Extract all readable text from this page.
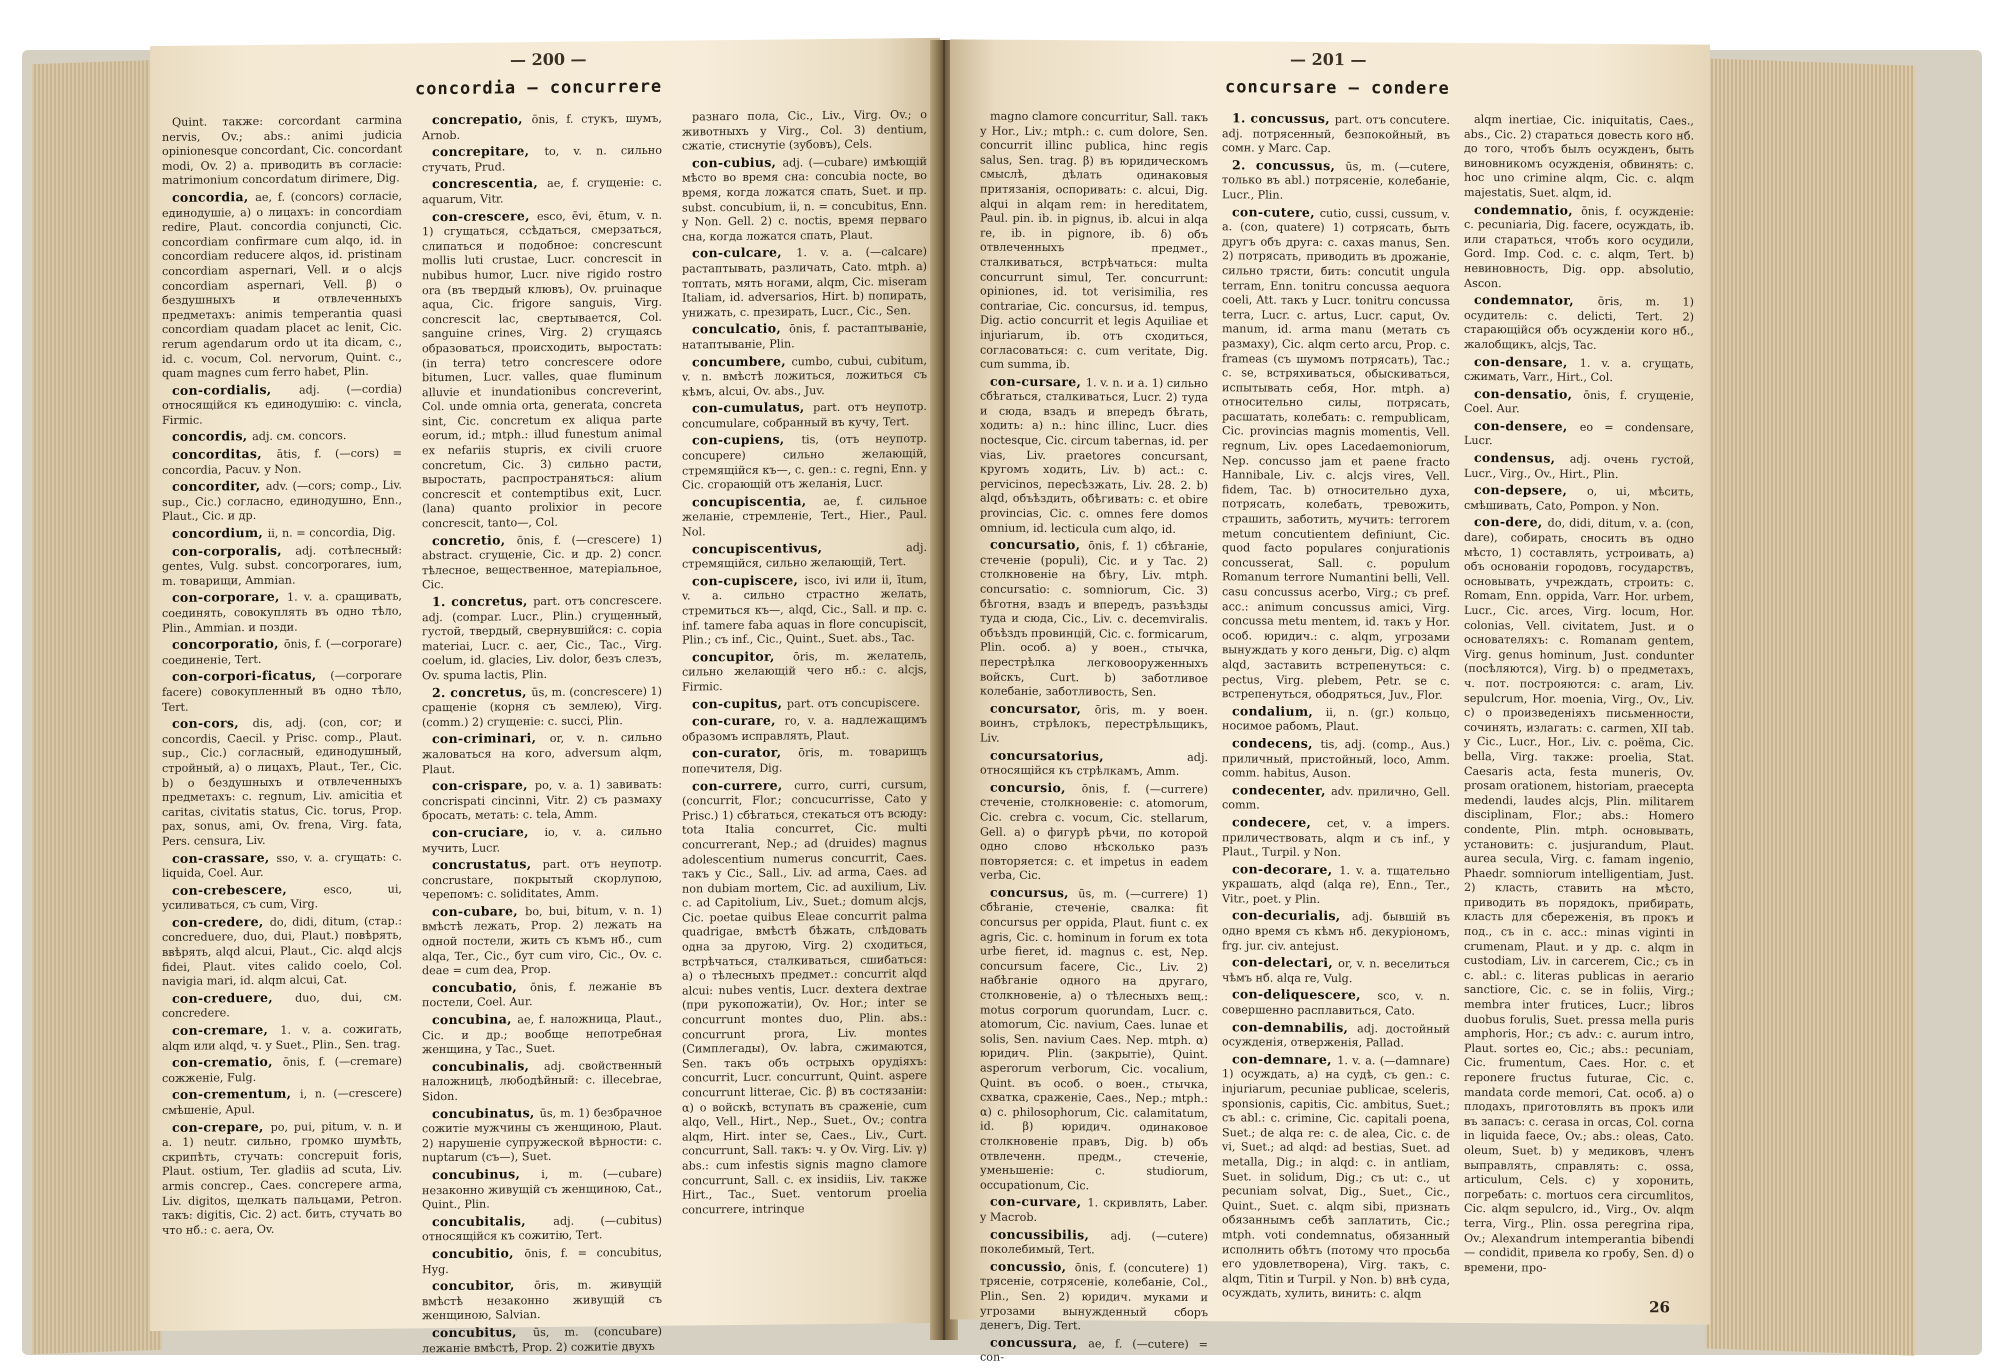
— 200 —
concordia – concurrere

Quint. также: corcordant carmina nervis, Ov.; abs.: animi judicia opinionesque concordant, Cic. concordant modi, Ov. 2) а. приводить въ согласіе: matrimonium concordatum dirimere, Dig.

concordia, ae, f. (concors) согласіе, единодушіе, а) о лицахъ: in concordiam redire, Plaut. concordia conjuncti, Cic. concordiam confirmare cum alqo, id. in concordiam reducere alqos, id. pristinam concordiam aspernari, Vell. и о alcjs concordiam aspernari, Vell. β) о бездушныхъ и отвлеченныхъ предметахъ: animis temperantia quasi concordiam quadam placet ac lenit, Cic. rerum agendarum ordo ut ita dicam, c., id. c. vocum, Col. nervorum, Quint. c., quam magnes cum ferro habet, Plin.

con-cordialis, adj. (—cordia) относящійся къ единодушію: c. vincla, Firmic.

concordis, adj. см. concors.

concorditas, ātis, f. (—cors) = concordia, Pacuv. y Non.

concorditer, adv. (—cors; comp., Liv. sup., Cic.) согласно, единодушно, Enn., Plaut., Cic. и др.

concordium, ii, n. = concordia, Dig.

con-corporalis, adj. сотѣлесный: gentes, Vulg. subst. concorporares, ium, m. товарищи, Ammian.

con-corporare, 1. v. a. сращивать, соединять, совокуплять въ одно тѣло, Plin., Ammian. и позди.

concorporatio, ōnis, f. (—corporare) соединеніе, Tert.

con-corpori-ficatus, (—corporare facere) совокупленный въ одно тѣло, Tert.

con-cors, dis, adj. (con, cor; и concordis, Caecil. y Prisc. comp., Plaut. sup., Cic.) согласный, единодушный, стройный, а) о лицахъ, Plaut., Ter., Cic. b) о бездушныхъ и отвлеченныхъ предметахъ: c. regnum, Liv. amicitia et caritas, civitatis status, Cic. torus, Prop. pax, sonus, ami, Ov. frena, Virg. fata, Pers. censura, Liv.

con-crassare, sso, v. a. сгущать: c. liquida, Coel. Aur.

con-crebescere, esco, ui, усиливаться, съ cum, Virg.

con-credere, do, didi, ditum, (стар.: concreduere, duo, dui, Plaut.) повѣрять, ввѣрять, alqd alcui, Plaut., Cic. alqd alcjs fidei, Plaut. vites calido coelo, Col. navigia mari, id. alqm alcui, Cat.

con-creduere, duo, dui, см. concredere.

con-cremare, 1. v. a. сожигать, alqm или alqd, ч. у Suet., Plin., Sen. trag.

con-crematio, ōnis, f. (—cremare) сожженіе, Fulg.

con-crementum, i, n. (—crescere) смѣшеніе, Apul.

con-crepare, po, pui, pitum, v. n. и a. 1) neutr. сильно, громко шумѣть, скрипѣть, стучать: concrepuit foris, Plaut. ostium, Ter. gladiis ad scuta, Liv. armis concrep., Caes. concrepere arma, Liv. digitos, щелкать пальцами, Petron. такъ: digitis, Cic. 2) act. бить, стучать во что нб.: c. aera, Ov.

concrepatio, ōnis, f. стукъ, шумъ, Arnob.

concrepitare, to, v. n. сильно стучать, Prud.

concrescentia, ae, f. сгущеніе: c. aquarum, Vitr.

con-crescere, esco, ēvi, ētum, v. n. 1) сгущаться, ссѣдаться, смерзаться, слипаться и подобное: concrescunt mollis luti crustae, Lucr. concrescit in nubibus humor, Lucr. nive rigido rostro ora (въ твердый клювъ), Ov. pruinaque aqua, Cic. frigore sanguis, Virg. concrescit lac, свертывается, Col. sanguine crines, Virg. 2) сгущаясь образоваться, происходить, выростать: (in terra) tetro concrescere odore bitumen, Lucr. valles, quae fluminum alluvie et inundationibus concreverint, Col. unde omnia orta, generata, concreta sint, Cic. concretum ex aliqua parte eorum, id.; mtph.: illud funestum animal ex nefariis stupris, ex civili cruore concretum, Cic. 3) сильно расти, выростать, распространяться: alium concrescit et contemptibus exit, Lucr. (lana) quanto prolixior in pecore concrescit, tanto—, Col.

concretio, ōnis, f. (—crescere) 1) abstract. сгущеніе, Cic. и др. 2) concr. тѣлесное, вещественное, матеріальное, Cic.

1. concretus, part. отъ concrescere. adj. (compar. Lucr., Plin.) сгущенный, густой, твердый, свернувшійся: c. copia materiai, Lucr. c. aer, Cic., Tac., Virg. coelum, id. glacies, Liv. dolor, безъ слезъ, Ov. spuma lactis, Plin.

2. concretus, ūs, m. (concrescere) 1) сращеніе (корня съ землею), Virg. (comm.) 2) сгущеніе: c. succi, Plin.

con-criminari, or, v. n. сильно жаловаться на кого, adversum alqm, Plaut.

con-crispare, po, v. a. 1) завивать: concrispati cincinni, Vitr. 2) съ размаху бросать, метать: c. tela, Amm.

con-cruciare, io, v. a. сильно мучить, Lucr.

concrustatus, part. отъ неупотр. concrustare, покрытый скорлупою, черепомъ: c. soliditates, Amm.

con-cubare, bo, bui, bitum, v. n. 1) вмѣстѣ лежать, Prop. 2) лежать на одной постели, жить съ къмъ нб., cum alqa, Ter., Cic., бут cum viro, Cic., Ov. c. deae = cum dea, Prop.

concubatio, ōnis, f. лежаніе въ постели, Coel. Aur.

concubina, ae, f. наложница, Plaut., Cic. и др.; вообще непотребная женщина, у Tac., Suet.

concubinalis, adj. свойственный наложницѣ, любодѣйный: c. illecebrae, Sidon.

concubinatus, ūs, m. 1) безбрачное сожитіе мужчины съ женщиною, Plaut. 2) нарушеніе супружеской вѣрности: c. nuptarum (съ—), Suet.

concubinus, i, m. (—cubare) незаконно живущій съ женщиною, Cat., Quint., Plin.

concubitalis, adj. (—cubitus) относящійся къ сожитію, Tert.

concubitio, ōnis, f. = concubitus, Hyg.

concubitor, ōris, m. живущій вмѣстѣ незаконно живущій съ женщиною, Salvian.

concubitus, ūs, m. (concubare) лежаніе вмѣстѣ, Prop. 2) сожитіе двухъ

разнаго пола, Cic., Liv., Virg. Ov.; о животныхъ у Virg., Col. 3) dentium, сжатіе, стиснутіе (зубовъ), Cels.

con-cubius, adj. (—cubare) имѣющій мѣсто во время сна: concubia nocte, во время, когда ложатся спать, Suet. и пр. subst. concubium, ii, n. = concubitus, Enn. y Non. Gell. 2) c. noctis, время перваго сна, когда ложатся спать, Plaut.

con-culcare, 1. v. a. (—calcare) растаптывать, различать, Cato. mtph. a) топтать, мять ногами, alqm, Cic. miseram Italiam, id. adversarios, Hirt. b) попирать, унижать, c. презирать, Lucr., Cic., Sen.

conculcatio, ōnis, f. растаптываніе, натаптываніе, Plin.

concumbere, cumbo, cubui, cubitum, v. n. вмѣстѣ ложиться, ложиться съ кѣмъ, alcui, Ov. abs., Juv.

con-cumulatus, part. отъ неупотр. concumulare, собранный въ кучу, Tert.

con-cupiens, tis, (отъ неупотр. concupere) сильно желающій, стремящійся къ—, c. gen.: c. regni, Enn. y Cic. сгорающій отъ желанія, Lucr.

concupiscentia, ae, f. сильное желаніе, стремленіе, Tert., Hier., Paul. Nol.

concupiscentivus, adj. стремящійся, сильно желающій, Tert.

con-cupiscere, isco, ivi или ii, ītum, v. a. сильно страстно желать, стремиться къ—, alqd, Cic., Sall. и пр. c. inf. tamere faba aquas in flore concupiscit, Plin.; съ inf., Cic., Quint., Suet. abs., Tac.

concupitor, ōris, m. желатель, сильно желающій чего нб.: c. alcjs, Firmic.

con-cupitus, part. отъ concupiscere.

con-curare, ro, v. a. надлежащимъ образомъ исправлять, Plaut.

con-curator, ōris, m. товарищъ попечителя, Dig.

con-currere, curro, curri, cursum, (concurrit, Flor.; concucurrisse, Cato y Prisc.) 1) сбѣгаться, стекаться отъ всюду: tota Italia concurret, Cic. multi concurrerant, Nep.; ad (druides) magnus adolescentium numerus concurrit, Caes. такъ у Cic., Sall., Liv. ad arma, Caes. ad non dubiam mortem, Cic. ad auxilium, Liv. c. ad Capitolium, Liv., Suet.; domum alcjs, Cic. poetae quibus Eleae concurrit palma quadrigae, вмѣстѣ бѣжать, слѣдовать одна за другою, Virg. 2) сходиться, встрѣчаться, сталкиваться, сшибаться: а) о тѣлесныхъ предмет.: concurrit alqd alcui: nubes ventis, Lucr. dextera dextrae (при рукопожатіи), Ov. Hor.; inter se concurrunt montes duo, Plin. abs.: concurrunt prora, Liv. montes (Симплегады), Ov. labra, сжимаются, Sen. такъ объ острыхъ орудіяхъ: concurrit, Lucr. concurrunt, Quint. aspere concurrunt litterae, Cic. β) въ состязаніи: α) о войскѣ, вступать въ сраженіе, cum alqo, Vell., Hirt., Nep., Suet., Ov.; contra alqm, Hirt. inter se, Caes., Liv., Curt. concurrunt, Sall. такъ: ч. у Ov. Virg. Liv. γ) abs.: cum infestis signis magno clamore concurrunt, Sall. c. ex insidiis, Liv. также Hirt., Tac., Suet. ventorum proelia concurrere, intrinque

— 201 —
concursare – condere

magno clamore concurritur, Sall. такъ у Hor., Liv.; mtph.: c. cum dolore, Sen. concurrit illinc publica, hinc regis salus, Sen. trag. β) въ юридическомъ смыслѣ, дѣлать одинаковыя притязанія, оспоривать: c. alcui, Dig. alqui in alqam rem: in hereditatem, Paul. pin. ib. in pignus, ib. alcui in alqa re, ib. in pignore, ib. δ) объ отвлеченныхъ предмет., сталкиваться, встрѣчаться: multa concurrunt simul, Ter. concurrunt: opiniones, id. tot verisimilia, res contrariae, Cic. concursus, id. tempus, Dig. actio concurrit et legis Aquiliae et injuriarum, ib. отъ сходиться, согласоваться: c. cum veritate, Dig. cum summa, ib.

con-cursare, 1. v. n. и a. 1) сильно сбѣгаться, сталкиваться, Lucr. 2) туда и сюда, взадъ и впередъ бѣгать, ходить: a) n.: hinc illinc, Lucr. dies noctesque, Cic. circum tabernas, id. per vias, Liv. praetores concursant, кругомъ ходить, Liv. b) act.: c. pervicinos, пересѣзжать, Liv. 28. 2. b) alqd, объѣздить, обѣгивать: c. et obire provincias, Cic. c. omnes fere domos omnium, id. lecticula cum alqo, id.

concursatio, ōnis, f. 1) сбѣганіе, стеченіе (populi), Cic. и y Tac. 2) столкновеніе на бѣгу, Liv. mtph. concursatio: c. somniorum, Cic. 3) бѣготня, взадъ и впередъ, разъѣзды туда и сюда, Cic., Liv. c. decemviralis. объѣздъ провинцій, Cic. c. formicarum, Plin. особ. a) у воен., стычка, перестрѣлка легковооруженныхъ войскъ, Curt. b) заботливое колебаніе, заботливость, Sen.

concursator, ōris, m. у воен. воинъ, стрѣлокъ, перестрѣльщикъ, Liv.

concursatorius, adj. относящійся къ стрѣлкамъ, Amm.

concursio, ōnis, f. (—currere) стеченіе, столкновеніе: c. atomorum, Cic. crebra c. vocum, Cic. stellarum, Gell. a) о фигурѣ рѣчи, по которой одно слово нѣсколько разъ повторяется: c. et impetus in eadem verba, Cic.

concursus, ūs, m. (—currere) 1) сбѣганіе, стеченіе, свалка: fit concursus per oppida, Plaut. fiunt c. ex agris, Cic. c. hominum in forum ex tota urbe fieret, id. magnus c. est, Nep. concursum facere, Cic., Liv. 2) набѣганіе одного на другаго, столкновеніе, а) о тѣлесныхъ вещ.: motus corporum quorundam, Lucr. c. atomorum, Cic. navium, Caes. lunae et solis, Sen. navium Caes. Nep. mtph. α) юридич. Plin. (закрытіе), Quint. asperorum verborum, Cic. vocalium, Quint. въ особ. о воен., стычка, схватка, сраженіе, Caes., Nep.; mtph.: α) c. philosophorum, Cic. calamitatum, id. β) юридич. одинаковое столкновеніе правъ, Dig. b) объ отвлеченн. предм., стеченіе, уменьшеніе: c. studiorum, occupationum, Cic.

con-curvare, 1. скривлять, Laber. y Macrob.

concussibilis, adj. (—cutere) поколебимый, Tert.

concussio, ōnis, f. (concutere) 1) трясеніе, сотрясеніе, колебаніе, Col., Plin., Sen. 2) юридич. муками и угрозами вынужденный сборъ денегъ, Dig. Tert.

concussura, ae, f. (—cutere) = con-

1. concussus, part. отъ concutere. adj. потрясенный, безпокойный, въ сомн. y Marc. Cap.

2. concussus, ūs, m. (—cutere, только въ abl.) потрясеніе, колебаніе, Lucr., Plin.

con-cutere, cutio, cussi, cussum, v. a. (con, quatere) 1) сотрясать, быть другъ объ друга: c. caxas manus, Sen. 2) потрясать, приводить въ дрожаніе, сильно трясти, бить: concutit ungula terram, Enn. tonitru concussa aequora coeli, Att. такъ у Lucr. tonitru concussa terra, Lucr. c. artus, Lucr. caput, Ov. manum, id. arma manu (метать съ размаху), Cic. alqm certo arcu, Prop. c. frameas (съ шумомъ потрясать), Tac.; c. se, встряхиваться, обыскиваться, испытывать себя, Hor. mtph. a) относительно силы, потрясать, расшатать, колебать: c. rempublicam, Cic. provincias magnis momentis, Vell. regnum, Liv. opes Lacedaemoniorum, Nep. concusso jam et paene fracto Hannibale, Liv. c. alcjs vires, Vell. fidem, Tac. b) относительно духа, потрясать, колебать, тревожить, страшить, заботить, мучить: terrorem metum concutientem definiunt, Cic. quod facto populares conjurationis concusserat, Sall. c. populum Romanum terrore Numantini belli, Vell. casu concussus acerbo, Virg.; съ pref. acc.: animum concussus amici, Virg. concussa metu mentem, id. такъ у Hor. особ. юридич.: c. alqm, угрозами вынуждать у кого деньги, Dig. c) alqm alqd, заставить встрепенуться: c. pectus, Virg. plebem, Petr. se c. встрепенуться, ободряться, Juv., Flor.

condalium, ii, n. (gr.) кольцо, носимое рабомъ, Plaut.

condecens, tis, adj. (comp., Aus.) приличный, пристойный, loco, Amm. comm. habitus, Auson.

condecenter, adv. прилично, Gell. comm.

condecere, cet, v. a impers. приличествовать, alqm и съ inf., y Plaut., Turpil. у Non.

con-decorare, 1. v. a. тщательно украшать, alqd (alqa re), Enn., Ter., Vitr., poet. y Plin.

con-decurialis, adj. бывшій въ одно время съ кѣмъ нб. декуріономъ, frg. jur. civ. antejust.

con-delectari, or, v. n. веселиться чѣмъ нб. alqa re, Vulg.

con-deliquescere, sco, v. n. совершенно расплавиться, Cato.

con-demnabilis, adj. достойный осужденія, отверженія, Pallad.

con-demnare, 1. v. a. (—damnare) 1) осуждать, а) на судѣ, съ gen.: c. injuriarum, pecuniae publicae, sceleris, sponsionis, capitis, Cic. ambitus, Suet.; съ abl.: c. crimine, Cic. capitali poena, Suet.; de alqa re: c. de alea, Cic. c. de vi, Suet.; ad alqd: ad bestias, Suet. ad metalla, Dig.; in alqd: c. in antliam, Suet. in solidum, Dig.; съ ut: c., ut pecuniam solvat, Dig., Suet., Cic., Quint., Suet. c. alqm sibi, признать обязаннымъ себѣ заплатить, Cic.; mtph. voti condemnatus, обязанный исполнить обѣтъ (потому что просьба его удовлетворена), Virg. такъ, c. alqm, Titin и Turpil. у Non. b) внѣ суда, осуждать, хулить, винить: c. alqm

alqm inertiae, Cic. iniquitatis, Caes., abs., Cic. 2) стараться довесть кого нб. до того, чтобъ былъ осужденъ, быть виновникомъ осужденія, обвинять: c. hoc uno crimine alqm, Cic. c. alqm majestatis, Suet. alqm, id.

condemnatio, ōnis, f. осужденіе: c. pecuniaria, Dig. facere, осуждать, ib. или стараться, чтобъ кого осудили, Gord. Imp. Cod. c. c. alqm, Tert. b) невиновность, Dig. opp. absolutio, Ascon.

condemnator, ōris, m. 1) осудитель: c. delicti, Tert. 2) старающійся объ осужденіи кого нб., жалобщикъ, alcjs, Tac.

con-densare, 1. v. a. сгущать, сжимать, Varr., Hirt., Col.

con-densatio, ōnis, f. сгущеніе, Coel. Aur.

con-densere, eo = condensare, Lucr.

condensus, adj. очень густой, Lucr., Virg., Ov., Hirt., Plin.

con-depsere, o, ui, мѣсить, смѣшивать, Cato, Pompon. y Non.

con-dere, do, didi, ditum, v. a. (con, dare), собирать, сносить въ одно мѣсто, 1) составлять, устроивать, а) объ основаніи городовъ, государствъ, основывать, учреждать, строить: c. Romam, Enn. oppida, Varr. Hor. urbem, Lucr., Cic. arces, Virg. locum, Hor. colonias, Vell. civitatem, Just. и о основателяхъ: c. Romanam gentem, Virg. genus hominum, Just. condunter (посѣляются), Virg. b) о предметахъ, ч. пот. построяются: c. aram, Liv. sepulcrum, Hor. moenia, Virg., Ov., Liv. c) о произведеніяхъ письменности, сочинять, излагать: c. carmen, XII tab. y Cic., Lucr., Hor., Liv. c. poёma, Cic. bella, Virg. также: proelia, Stat. Caesaris acta, festa muneris, Ov. prosam orationem, historiam, praecepta medendi, laudes alcjs, Plin. militarem disciplinam, Flor.; abs.: Homero condente, Plin. mtph. основывать, установить: c. jusjurandum, Plaut. aurea secula, Virg. c. famam ingenio, Phaedr. somniorum intelligentiam, Just. 2) класть, ставить на мѣсто, приводить въ порядокъ, прибирать, класть для сбереженія, въ прокъ и под., съ in c. acc.: minas viginti in crumenam, Plaut. и у др. c. alqm in custodiam, Liv. in carcerem, Cic.; съ in c. abl.: c. literas publicas in aerario sanctiore, Cic. c. se in foliis, Virg.; membra inter frutices, Lucr.; libros duobus forulis, Suet. pressa mella puris amphoris, Hor.; съ adv.: c. aurum intro, Plaut. sortes eo, Cic.; abs.: pecuniam, Cic. frumentum, Caes. Hor. c. et reponere fructus futurae, Cic. c. mandata corde memori, Cat. особ. a) о плодахъ, приготовлять въ прокъ или въ запасъ: c. cerasa in orcas, Col. corna in liquida faece, Ov.; abs.: oleas, Cato. oleum, Suet. b) у медиковъ, членъ выправлять, справлять: c. ossa, articulum, Cels. c) у хоронить, погребать: c. mortuos cera circumlitos, Cic. alqm sepulcro, id., Virg., Ov. alqm terra, Virg., Plin. ossa peregrina ripa, Ov.; Alexandrum intemperantia bibendi — condidit, привела ко гробу, Sen. d) о времени, про-

26
